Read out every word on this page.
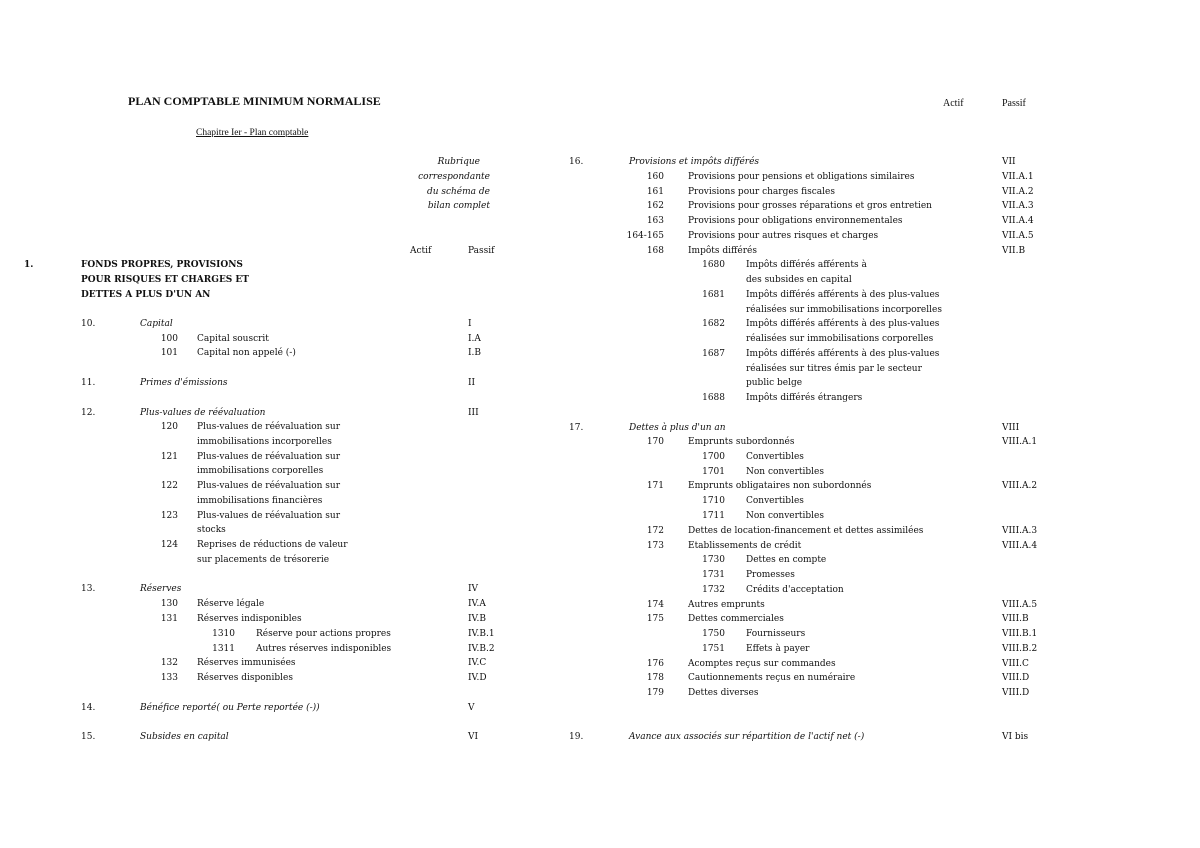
PLAN COMPTABLE MINIMUM NORMALISE	Actif	Passif
Chapitre Ier - Plan comptable
Rubrique
correspondante
du schéma de
bilan complet
Actif	Passif
1.	FONDS PROPRES, PROVISIONS
POUR RISQUES ET CHARGES ET
DETTES A PLUS D'UN AN
10.	Capital	I
100 Capital souscrit	I.A
101 Capital non appelé (-)	I.B
11.	Primes d'émissions	II
12.	Plus-values de réévaluation	III
120 Plus-values de réévaluation sur
immobilisations incorporelles
121 Plus-values de réévaluation sur
immobilisations corporelles
122 Plus-values de réévaluation sur
immobilisations financières
123 Plus-values de réévaluation sur
stocks
124 Reprises de réductions de valeur
sur placements de trésorerie
13.	Réserves	IV
130 Réserve légale	IV.A
131 Réserves indisponibles	IV.B
1310 Réserve pour actions propres	IV.B.1
1311 Autres réserves indisponibles	IV.B.2
132 Réserves immunisées	IV.C
133 Réserves disponibles	IV.D
14.	Bénéfice reporté( ou Perte reportée (-))	V
15.	Subsides en capital	VI
16.	Provisions et impôts différés	VII
160	Provisions pour pensions et obligations similaires	VII.A.1
161	Provisions pour charges fiscales	VII.A.2
162	Provisions pour grosses réparations et gros entretien	VII.A.3
163	Provisions pour obligations environnementales	VII.A.4
164-165	Provisions pour autres risques et charges	VII.A.5
168	Impôts différés	VII.B
1680 Impôts différés afférents à
des subsides en capital
1681 Impôts différés afférents à des plus-values
réalisées sur immobilisations incorporelles
1682 Impôts différés afférents à des plus-values
réalisées sur immobilisations corporelles
1687 Impôts différés afférents à des plus-values
réalisées sur titres émis par le secteur
public belge
1688 Impôts différés étrangers
17.	Dettes à plus d'un an	VIII
170	Emprunts subordonnés	VIII.A.1
1700 Convertibles
1701 Non convertibles
171	Emprunts obligataires non subordonnés	VIII.A.2
1710 Convertibles
1711 Non convertibles
172	Dettes de location-financement et dettes assimilées	VIII.A.3
173	Etablissements de crédit	VIII.A.4
1730 Dettes en compte
1731 Promesses
1732 Crédits d'acceptation
174	Autres emprunts	VIII.A.5
175	Dettes commerciales	VIII.B
1750 Fournisseurs	VIII.B.1
1751 Effets à payer	VIII.B.2
176	Acomptes reçus sur commandes	VIII.C
178	Cautionnements reçus en numéraire	VIII.D
179	Dettes diverses	VIII.D
19.	Avance aux associés sur répartition de l'actif net (-)	VI bis
